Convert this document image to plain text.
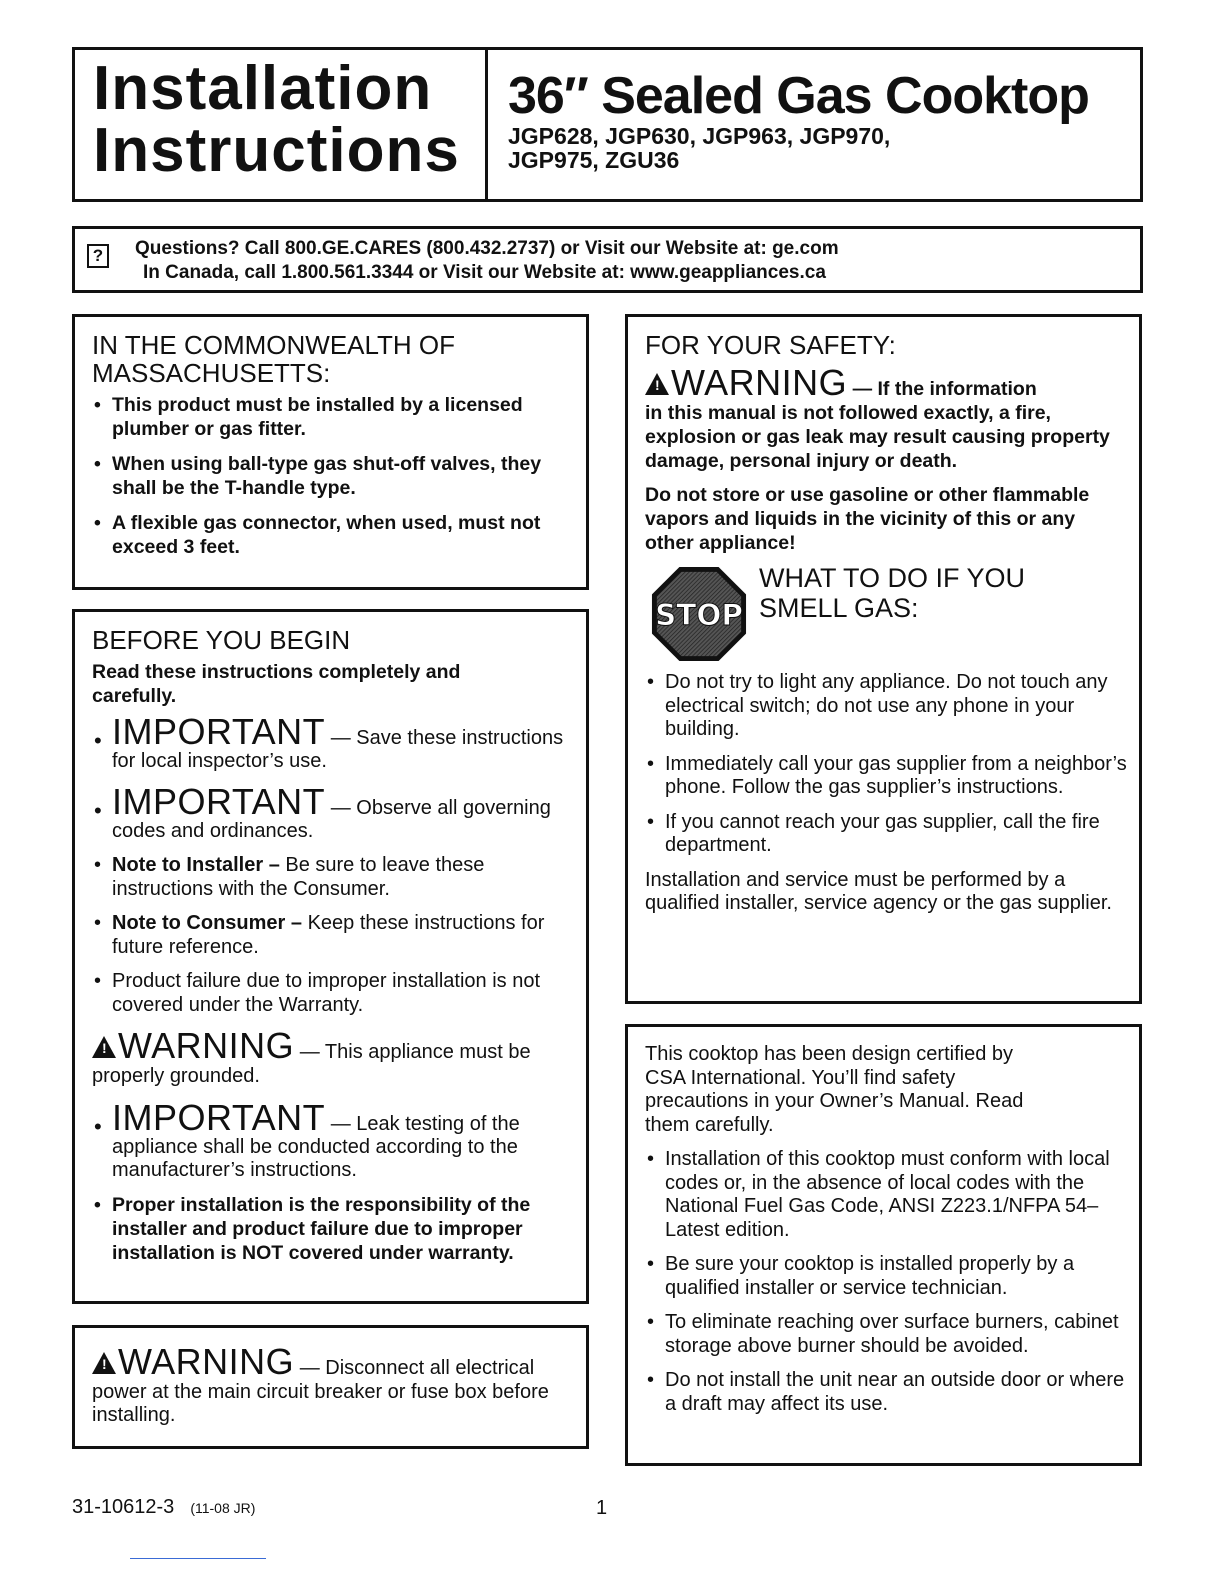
Installation
Instructions
36″ Sealed Gas Cooktop
JGP628, JGP630, JGP963, JGP970,
JGP975, ZGU36
?	Questions? Call 800.GE.CARES (800.432.2737) or Visit our Website at: ge.com
In Canada, call 1.800.561.3344 or Visit our Website at: www.geappliances.ca
IN THE COMMONWEALTH OF
MASSACHUSETTS:
• This product must be installed by a licensed plumber or gas fitter.
• When using ball-type gas shut-off valves, they shall be the T-handle type.
• A flexible gas connector, when used, must not exceed 3 feet.
BEFORE YOU BEGIN

Read these instructions completely and carefully.

• IMPORTANT — Save these instructions for local inspector’s use.
• IMPORTANT — Observe all governing codes and ordinances.
• Note to Installer – Be sure to leave these instructions with the Consumer.
• Note to Consumer – Keep these instructions for future reference.
• Product failure due to improper installation is not covered under the Warranty.
! WARNING — This appliance must be properly grounded.
• IMPORTANT — Leak testing of the appliance shall be conducted according to the manufacturer’s instructions.
• Proper installation is the responsibility of the installer and product failure due to improper installation is NOT covered under warranty.
! WARNING — Disconnect all electrical power at the main circuit breaker or fuse box before installing.
FOR YOUR SAFETY:
! WARNING — If the information
in this manual is not followed exactly, a fire, explosion or gas leak may result causing property damage, personal injury or death.

Do not store or use gasoline or other flammable vapors and liquids in the vicinity of this or any other appliance!

STOP
WHAT TO DO IF YOU
SMELL GAS:
• Do not try to light any appliance. Do not touch any electrical switch; do not use any phone in your building.
• Immediately call your gas supplier from a neighbor’s phone. Follow the gas supplier’s instructions.
• If you cannot reach your gas supplier, call the fire department.

Installation and service must be performed by a qualified installer, service agency or the gas supplier.

This cooktop has been design certified by CSA International. You’ll find safety precautions in your Owner’s Manual. Read them carefully.

• Installation of this cooktop must conform with local codes or, in the absence of local codes with the National Fuel Gas Code, ANSI Z223.1/NFPA 54–Latest edition.
• Be sure your cooktop is installed properly by a qualified installer or service technician.
• To eliminate reaching over surface burners, cabinet storage above burner should be avoided.
• Do not install the unit near an outside door or where a draft may affect its use.
31-10612-3 (11-08 JR)	1
